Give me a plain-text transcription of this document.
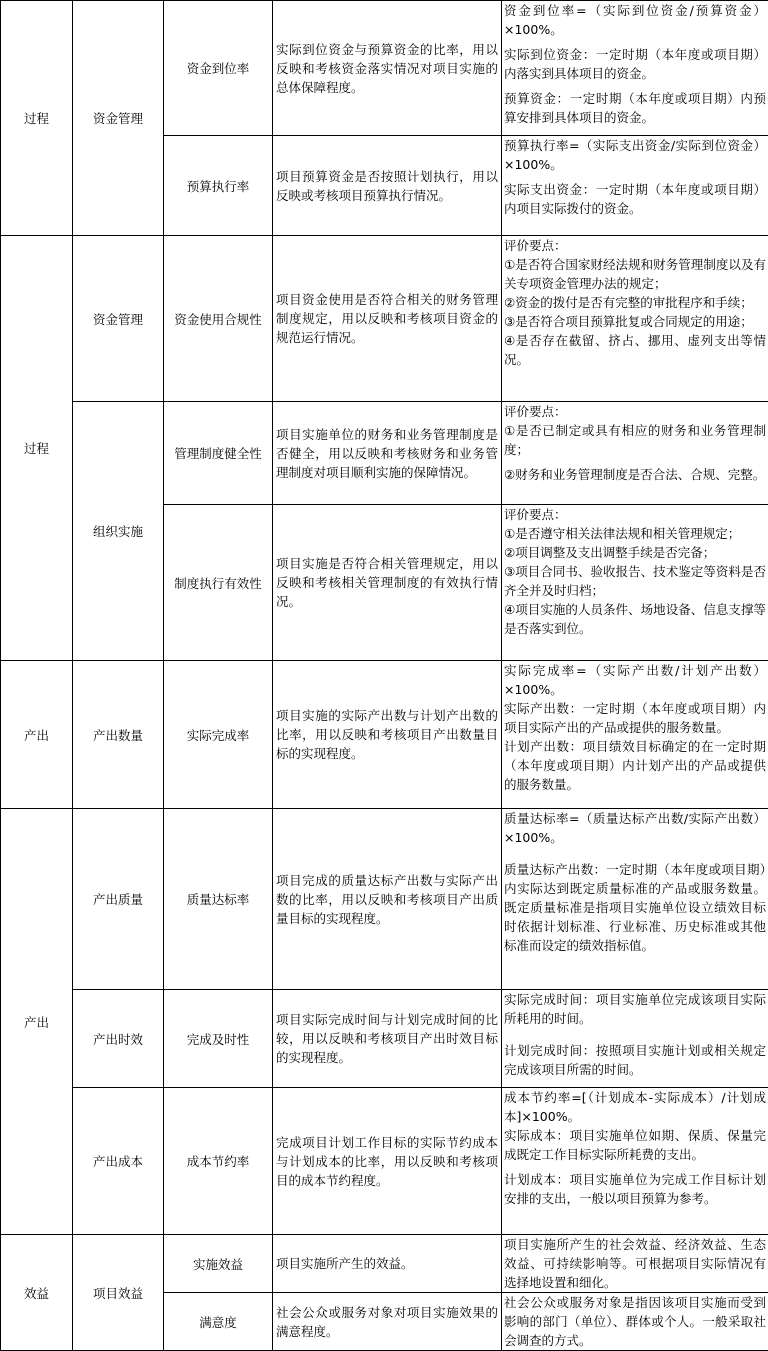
过程	资金管理	资金到位率	实际到位资金与预算资金的比率，用以反映和考核资金落实情况对项目实施的总体保障程度。	资金到位率=（实际到位资金/预算资金）×100%。

实际到位资金：一定时期（本年度或项目期）内落实到具体项目的资金。

预算资金：一定时期（本年度或项目期）内预算安排到具体项目的资金。

		预算执行率	项目预算资金是否按照计划执行，用以反映或考核项目预算执行情况。	预算执行率=（实际支出资金/实际到位资金）×100%。

实际支出资金：一定时期（本年度或项目期）内项目实际拨付的资金。

过程	资金管理	资金使用合规性	项目资金使用是否符合相关的财务管理制度规定，用以反映和考核项目资金的规范运行情况。	评价要点：

①是否符合国家财经法规和财务管理制度以及有关专项资金管理办法的规定；

②资金的拨付是否有完整的审批程序和手续；

③是否符合项目预算批复或合同规定的用途；

④是否存在截留、挤占、挪用、虚列支出等情况。

	组织实施	管理制度健全性	项目实施单位的财务和业务管理制度是否健全，用以反映和考核财务和业务管理制度对项目顺利实施的保障情况。	评价要点：

①是否已制定或具有相应的财务和业务管理制度；

②财务和业务管理制度是否合法、合规、完整。

		制度执行有效性	项目实施是否符合相关管理规定，用以反映和考核相关管理制度的有效执行情况。	评价要点：

①是否遵守相关法律法规和相关管理规定；

②项目调整及支出调整手续是否完备；

③项目合同书、验收报告、技术鉴定等资料是否齐全并及时归档；

④项目实施的人员条件、场地设备、信息支撑等是否落实到位。

产出	产出数量	实际完成率	项目实施的实际产出数与计划产出数的比率，用以反映和考核项目产出数量目标的实现程度。	实际完成率=（实际产出数/计划产出数）×100%。

实际产出数：一定时期（本年度或项目期）内项目实际产出的产品或提供的服务数量。

计划产出数：项目绩效目标确定的在一定时期（本年度或项目期）内计划产出的产品或提供的服务数量。

产出	产出质量	质量达标率	项目完成的质量达标产出数与实际产出数的比率，用以反映和考核项目产出质量目标的实现程度。	质量达标率=（质量达标产出数/实际产出数）×100%。

质量达标产出数：一定时期（本年度或项目期）内实际达到既定质量标准的产品或服务数量。既定质量标准是指项目实施单位设立绩效目标时依据计划标准、行业标准、历史标准或其他标准而设定的绩效指标值。

	产出时效	完成及时性	项目实际完成时间与计划完成时间的比较，用以反映和考核项目产出时效目标的实现程度。	实际完成时间：项目实施单位完成该项目实际所耗用的时间。

计划完成时间：按照项目实施计划或相关规定完成该项目所需的时间。

	产出成本	成本节约率	完成项目计划工作目标的实际节约成本与计划成本的比率，用以反映和考核项目的成本节约程度。	成本节约率=[（计划成本-实际成本）/计划成本]×100%。

实际成本：项目实施单位如期、保质、保量完成既定工作目标实际所耗费的支出。

计划成本：项目实施单位为完成工作目标计划安排的支出，一般以项目预算为参考。

效益	项目效益	实施效益	项目实施所产生的效益。	项目实施所产生的社会效益、经济效益、生态效益、可持续影响等。可根据项目实际情况有选择地设置和细化。

		满意度	社会公众或服务对象对项目实施效果的满意程度。	社会公众或服务对象是指因该项目实施而受到影响的部门（单位）、群体或个人。一般采取社会调查的方式。
